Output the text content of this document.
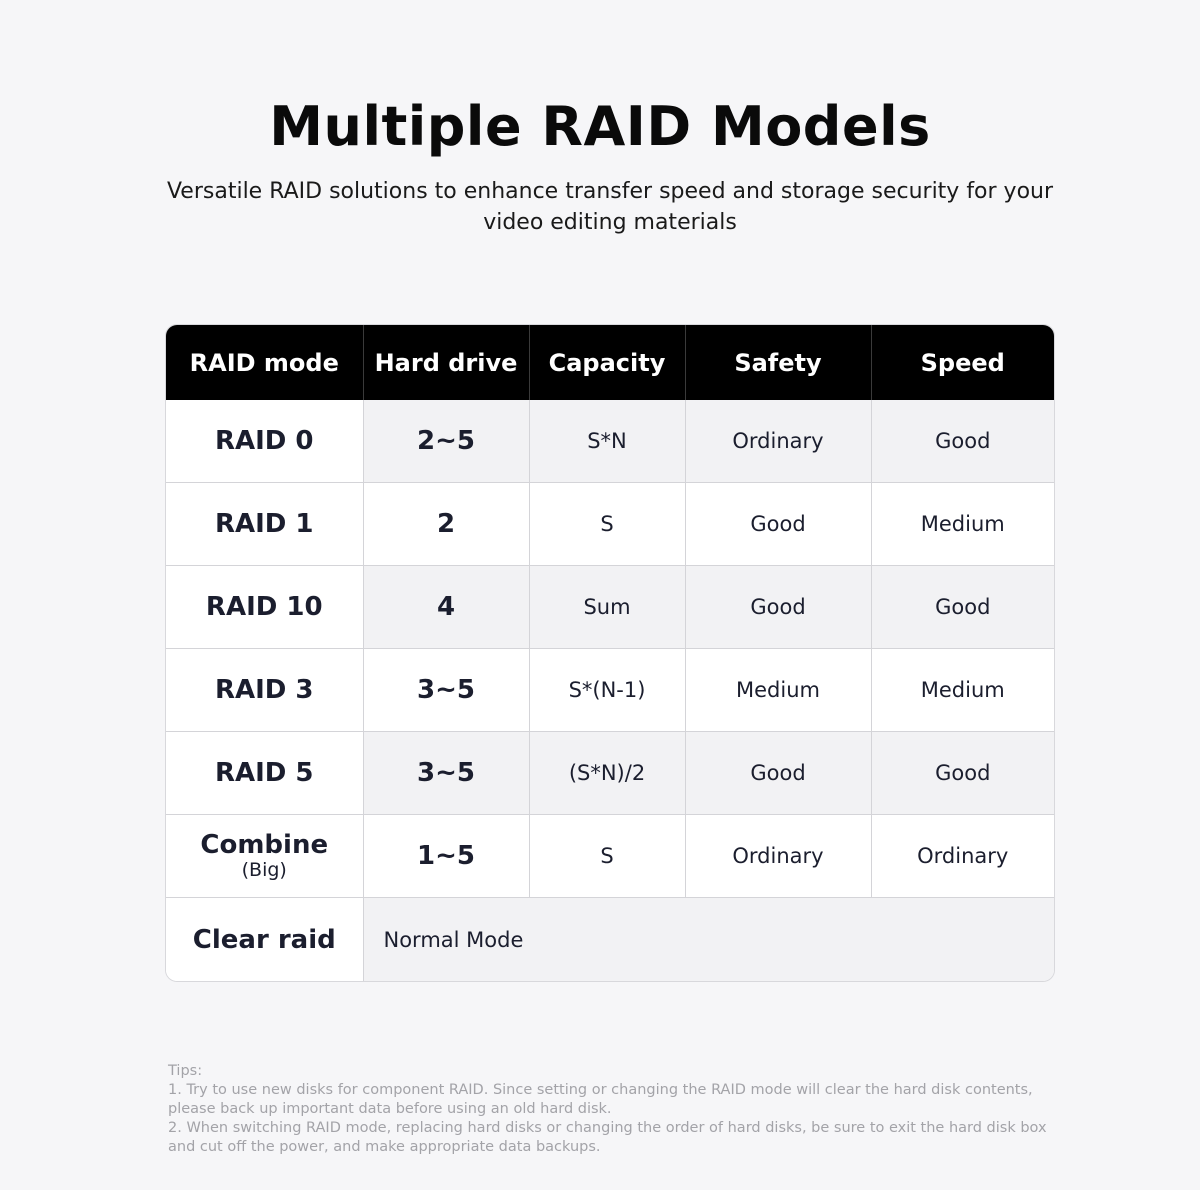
Multiple RAID Models
Versatile RAID solutions to enhance transfer speed and storage security for your video editing materials
RAID mode	Hard drive	Capacity	Safety	Speed
RAID 0	2~5	S*N	Ordinary	Good
RAID 1	2	S	Good	Medium
RAID 10	4	Sum	Good	Good
RAID 3	3~5	S*(N-1)	Medium	Medium
RAID 5	3~5	(S*N)/2	Good	Good
Combine
(Big)	1~5	S	Ordinary	Ordinary
Clear raid	Normal Mode			
Tips:
1. Try to use new disks for component RAID. Since setting or changing the RAID mode will clear the hard disk contents, please back up important data before using an old hard disk.
2. When switching RAID mode, replacing hard disks or changing the order of hard disks, be sure to exit the hard disk box and cut off the power, and make appropriate data backups.
